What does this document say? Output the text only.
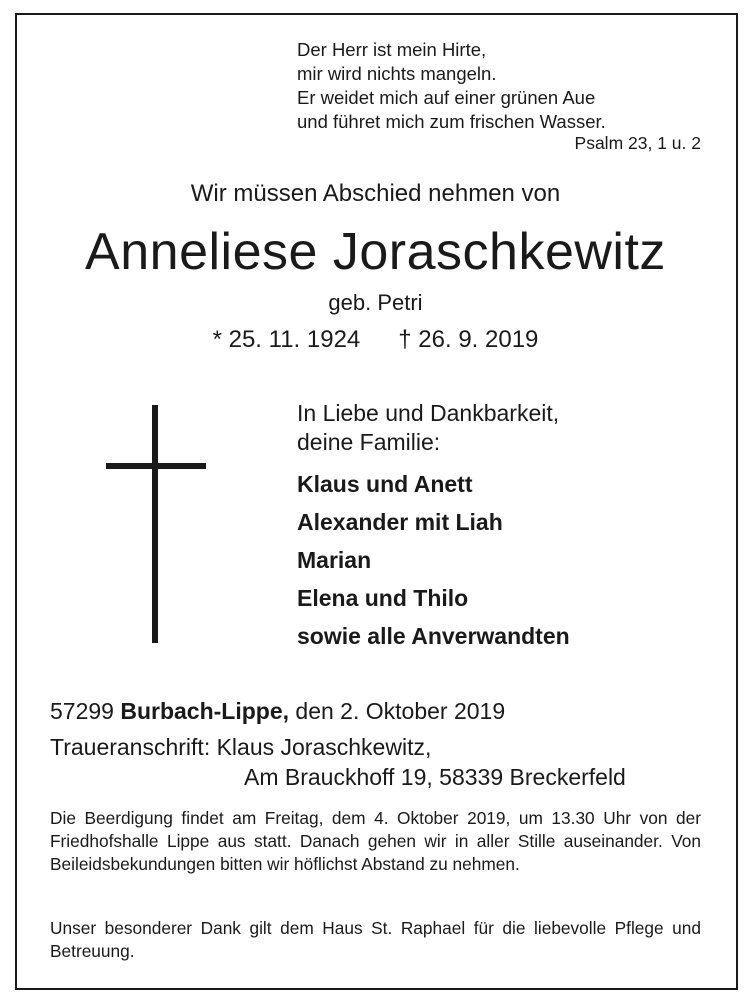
Der Herr ist mein Hirte,
mir wird nichts mangeln.
Er weidet mich auf einer grünen Aue
und führet mich zum frischen Wasser.
Psalm 23, 1 u. 2
Wir müssen Abschied nehmen von
Anneliese Joraschkewitz
geb. Petri
* 25. 11. 1924 † 26. 9. 2019
In Liebe und Dankbarkeit,
deine Familie:
Klaus und Anett
Alexander mit Liah
Marian
Elena und Thilo
sowie alle Anverwandten
57299 Burbach-Lippe, den 2. Oktober 2019
Traueranschrift: Klaus Joraschkewitz,
Am Brauckhoff 19, 58339 Breckerfeld
Die Beerdigung findet am Freitag, dem 4. Oktober 2019, um 13.30 Uhr von der Friedhofshalle Lippe aus statt. Danach gehen wir in aller Stille auseinander. Von Beileidsbekundungen bitten wir höflichst Abstand zu nehmen.
Unser besonderer Dank gilt dem Haus St. Raphael für die liebevolle Pflege und Betreuung.
